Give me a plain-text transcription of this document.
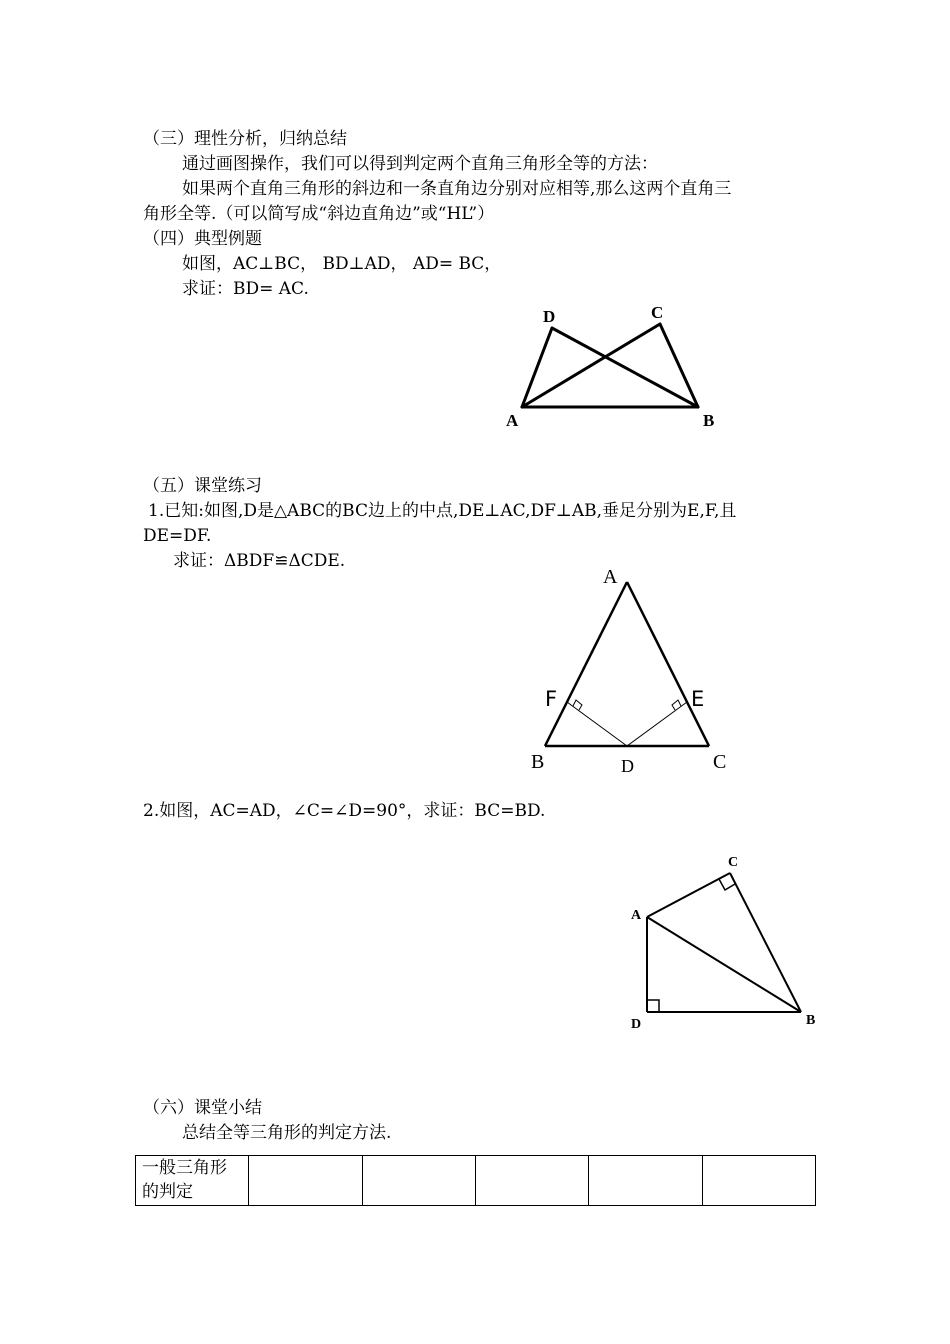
（三）理性分析，归纳总结
通过画图操作，我们可以得到判定两个直角三角形全等的方法：
如果两个直角三角形的斜边和一条直角边分别对应相等,那么这两个直角三
角形全等.（可以简写成“斜边直角边”或“HL”）
（四）典型例题
如图，AC⊥BC， BD⊥AD， AD= BC，
求证：BD= AC.
D	C
A	B
（五）课堂练习
1.已知:如图,D是△ABC的BC边上的中点,DE⊥AC,DF⊥AB,垂足分别为E,F,且
DE=DF.
求证：ΔBDF≌ΔCDE.
A
F	E
B	D	C
2.如图，AC=AD，∠C=∠D=90°，求证：BC=BD.
C
A
D	B
（六）课堂小结
总结全等三角形的判定方法.
一般三角形
的判定
